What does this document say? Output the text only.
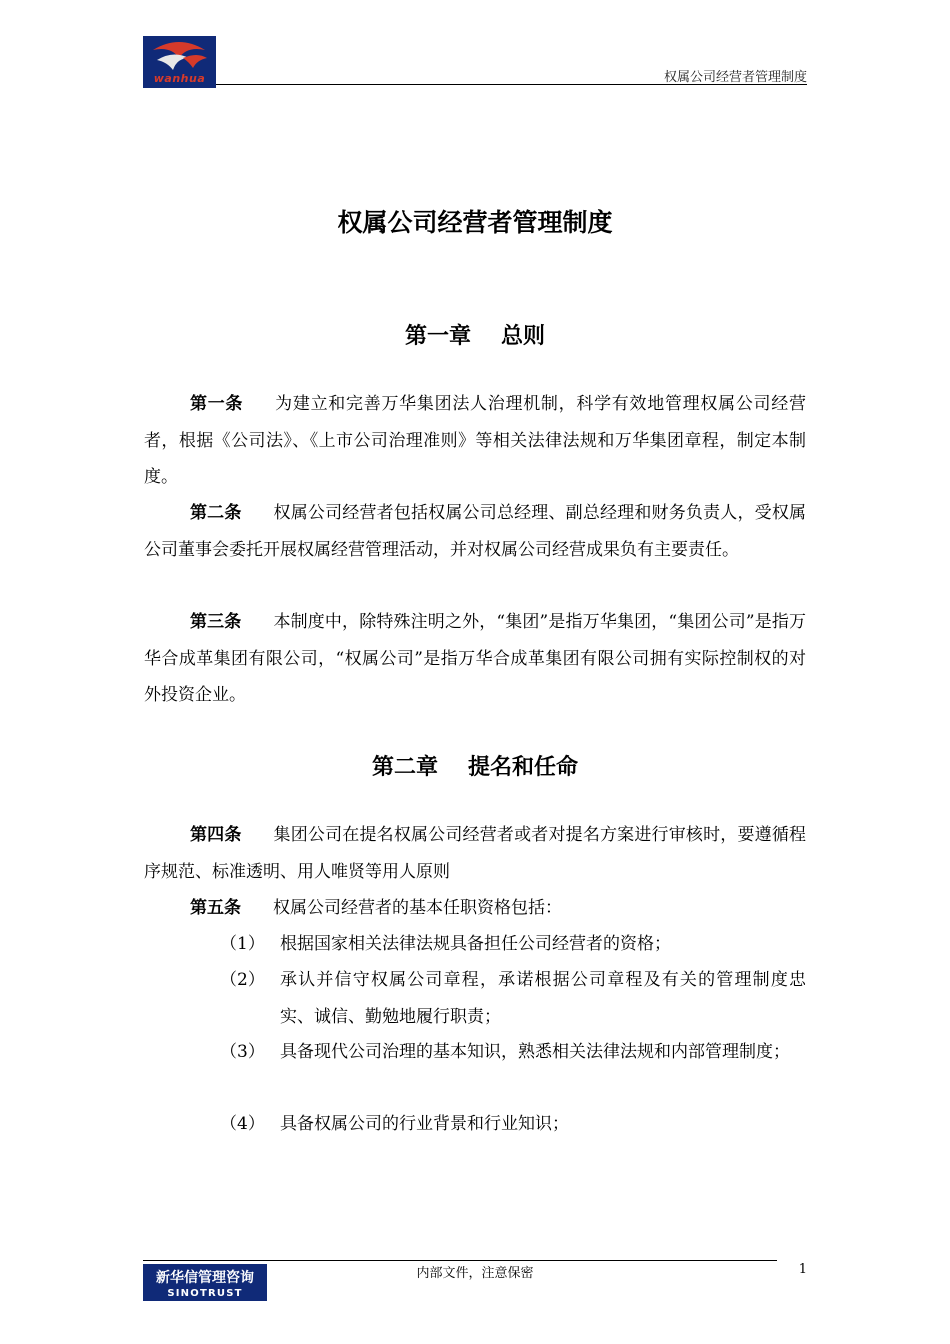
wanhua	权属公司经营者管理制度
权属公司经营者管理制度
第一章 总则
第一条 为建立和完善万华集团法人治理机制，科学有效地管理权属公司经营者，根据《公司法》、《上市公司治理准则》等相关法律法规和万华集团章程，制定本制度。
第二条 权属公司经营者包括权属公司总经理、副总经理和财务负责人，受权属公司董事会委托开展权属经营管理活动，并对权属公司经营成果负有主要责任。
第三条 本制度中，除特殊注明之外，“集团”是指万华集团，“集团公司”是指万华合成革集团有限公司，“权属公司”是指万华合成革集团有限公司拥有实际控制权的对外投资企业。
第二章 提名和任命
第四条 集团公司在提名权属公司经营者或者对提名方案进行审核时，要遵循程序规范、标准透明、用人唯贤等用人原则
第五条 权属公司经营者的基本任职资格包括：
（1） 根据国家相关法律法规具备担任公司经营者的资格；
（2） 承认并信守权属公司章程，承诺根据公司章程及有关的管理制度忠实、诚信、勤勉地履行职责；
（3） 具备现代公司治理的基本知识，熟悉相关法律法规和内部管理制度；
（4） 具备权属公司的行业背景和行业知识；
内部文件，注意保密	1
新华信管理咨询
SINOTRUST
